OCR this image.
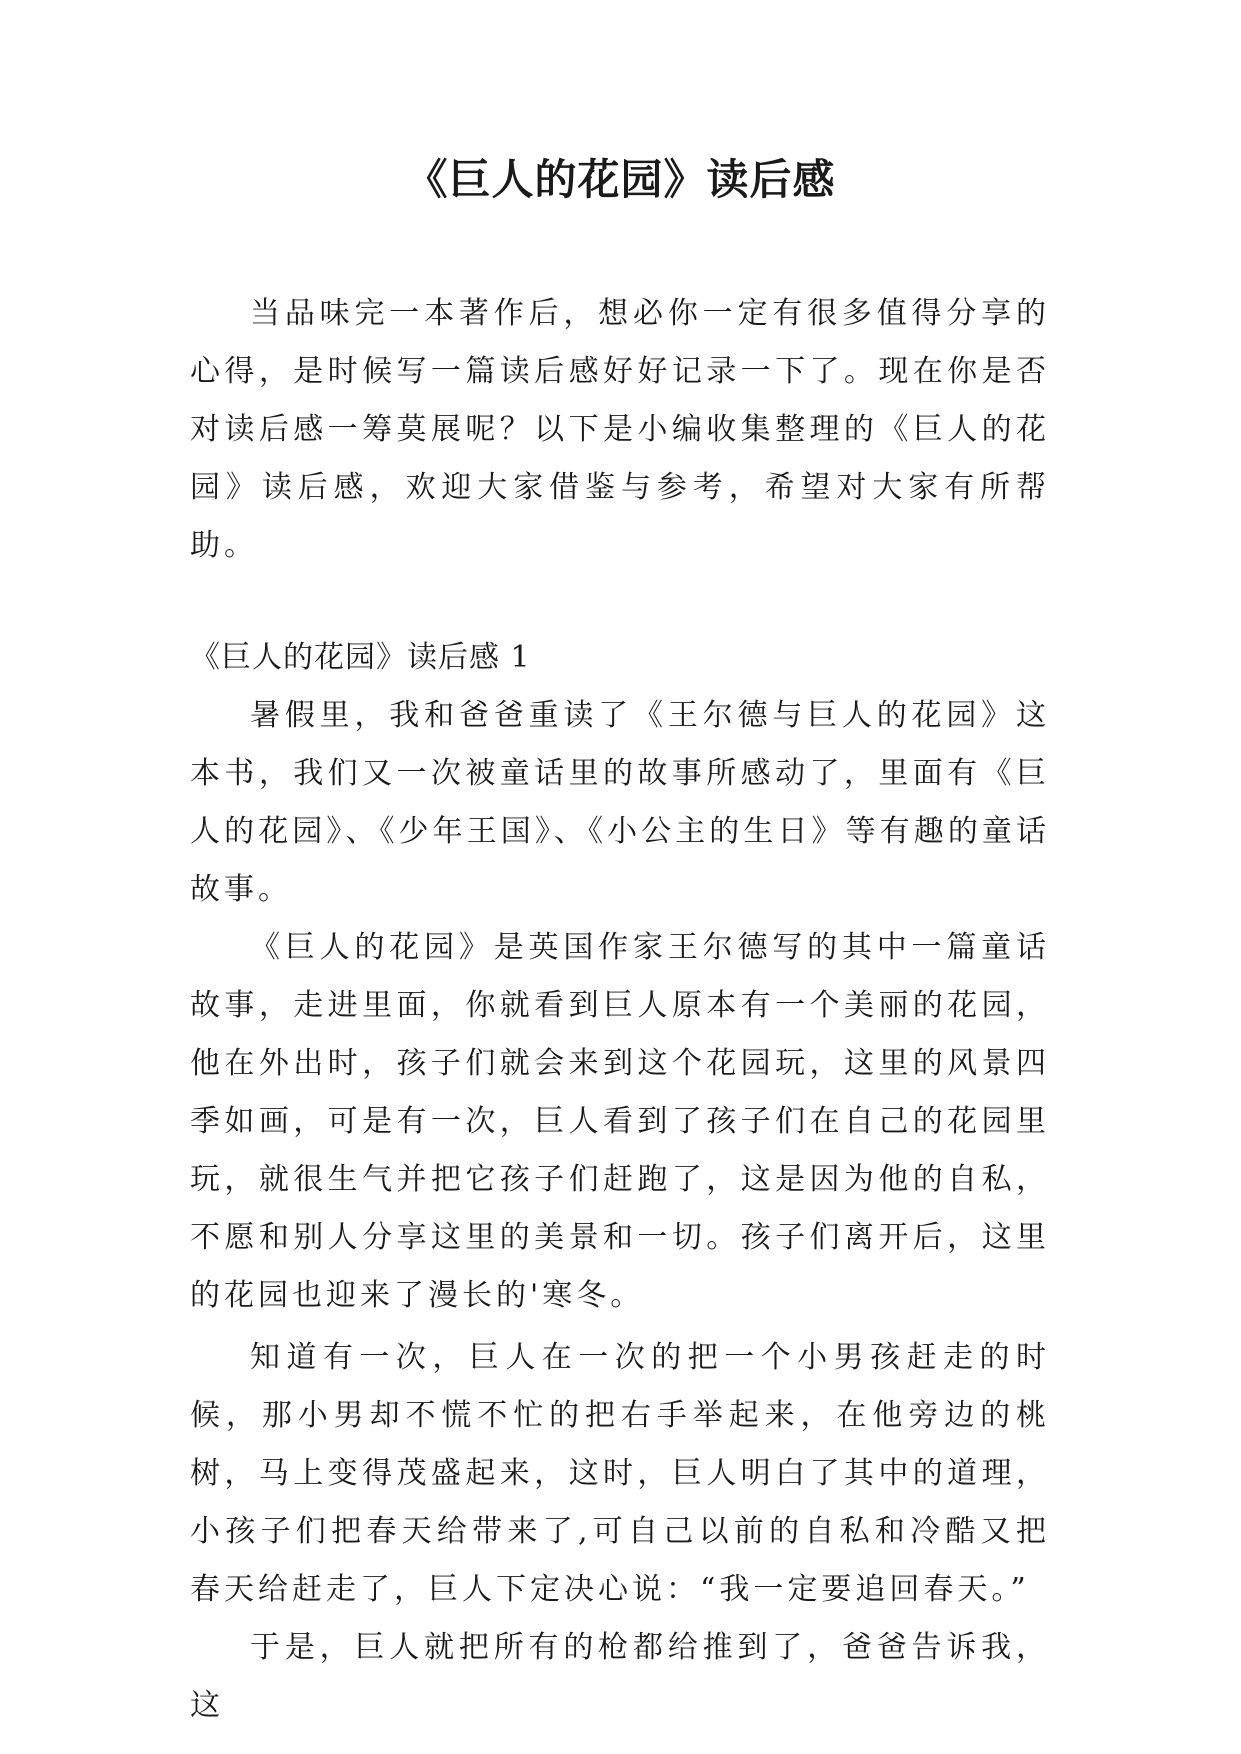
《巨人的花园》读后感

当品味完一本著作后，想必你一定有很多值得分享的心得，是时候写一篇读后感好好记录一下了。现在你是否对读后感一筹莫展呢？以下是小编收集整理的《巨人的花园》读后感，欢迎大家借鉴与参考，希望对大家有所帮助。

《巨人的花园》读后感 1

暑假里，我和爸爸重读了《王尔德与巨人的花园》这本书，我们又一次被童话里的故事所感动了，里面有《巨人的花园》、《少年王国》、《小公主的生日》等有趣的童话故事。

《巨人的花园》是英国作家王尔德写的其中一篇童话故事，走进里面，你就看到巨人原本有一个美丽的花园，他在外出时，孩子们就会来到这个花园玩，这里的风景四季如画，可是有一次，巨人看到了孩子们在自己的花园里玩，就很生气并把它孩子们赶跑了，这是因为他的自私，不愿和别人分享这里的美景和一切。孩子们离开后，这里的花园也迎来了漫长的'寒冬。

知道有一次，巨人在一次的把一个小男孩赶走的时候，那小男却不慌不忙的把右手举起来，在他旁边的桃树，马上变得茂盛起来，这时，巨人明白了其中的道理，小孩子们把春天给带来了,可自己以前的自私和冷酷又把春天给赶走了，巨人下定决心说：“我一定要追回春天。”

于是，巨人就把所有的枪都给推到了，爸爸告诉我，这
